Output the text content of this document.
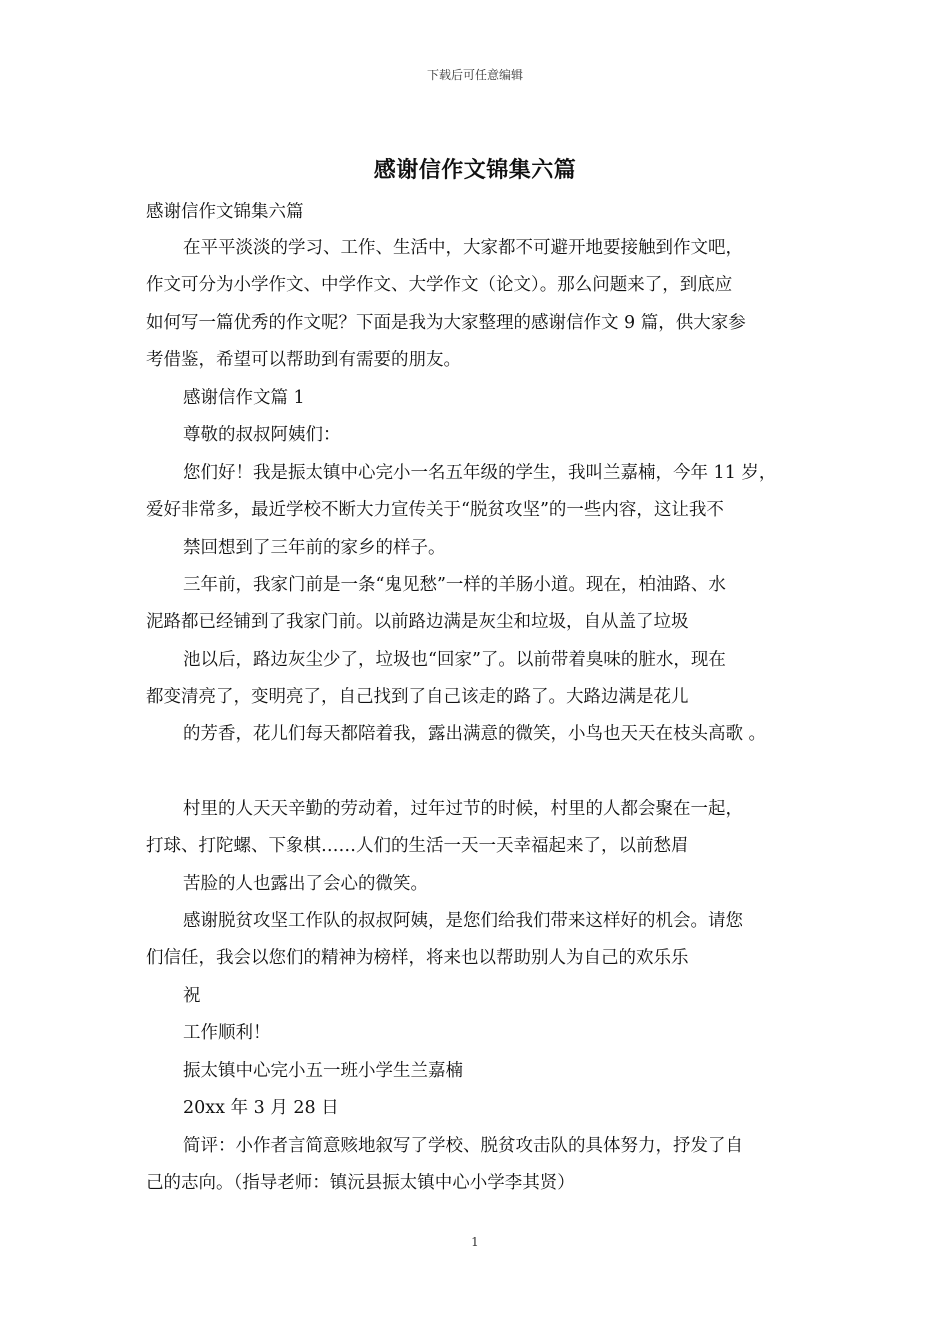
下载后可任意编辑
感谢信作文锦集六篇
感谢信作文锦集六篇
在平平淡淡的学习、工作、生活中，大家都不可避开地要接触到作文吧，
作文可分为小学作文、中学作文、大学作文（论文）。那么问题来了，到底应
如何写一篇优秀的作文呢？下面是我为大家整理的感谢信作文 9 篇，供大家参
考借鉴，希望可以帮助到有需要的朋友。
感谢信作文篇 1
尊敬的叔叔阿姨们：
您们好！我是振太镇中心完小一名五年级的学生，我叫兰嘉楠，今年 11 岁，
爱好非常多，最近学校不断大力宣传关于“脱贫攻坚”的一些内容，这让我不
禁回想到了三年前的家乡的样子。
三年前，我家门前是一条“鬼见愁”一样的羊肠小道。现在，柏油路、水
泥路都已经铺到了我家门前。以前路边满是灰尘和垃圾，自从盖了垃圾
池以后，路边灰尘少了，垃圾也“回家”了。以前带着臭味的脏水，现在
都变清亮了，变明亮了，自己找到了自己该走的路了。大路边满是花儿
的芳香，花儿们每天都陪着我，露出满意的微笑，小鸟也天天在枝头高歌 。
村里的人天天辛勤的劳动着，过年过节的时候，村里的人都会聚在一起，
打球、打陀螺、下象棋……人们的生活一天一天幸福起来了，以前愁眉
苦脸的人也露出了会心的微笑。
感谢脱贫攻坚工作队的叔叔阿姨，是您们给我们带来这样好的机会。请您
们信任，我会以您们的精神为榜样，将来也以帮助别人为自己的欢乐乐
祝
工作顺利！
振太镇中心完小五一班小学生兰嘉楠
20xx 年 3 月 28 日
简评：小作者言简意赅地叙写了学校、脱贫攻击队的具体努力，抒发了自
己的志向。（指导老师：镇沅县振太镇中心小学李其贤）
1
